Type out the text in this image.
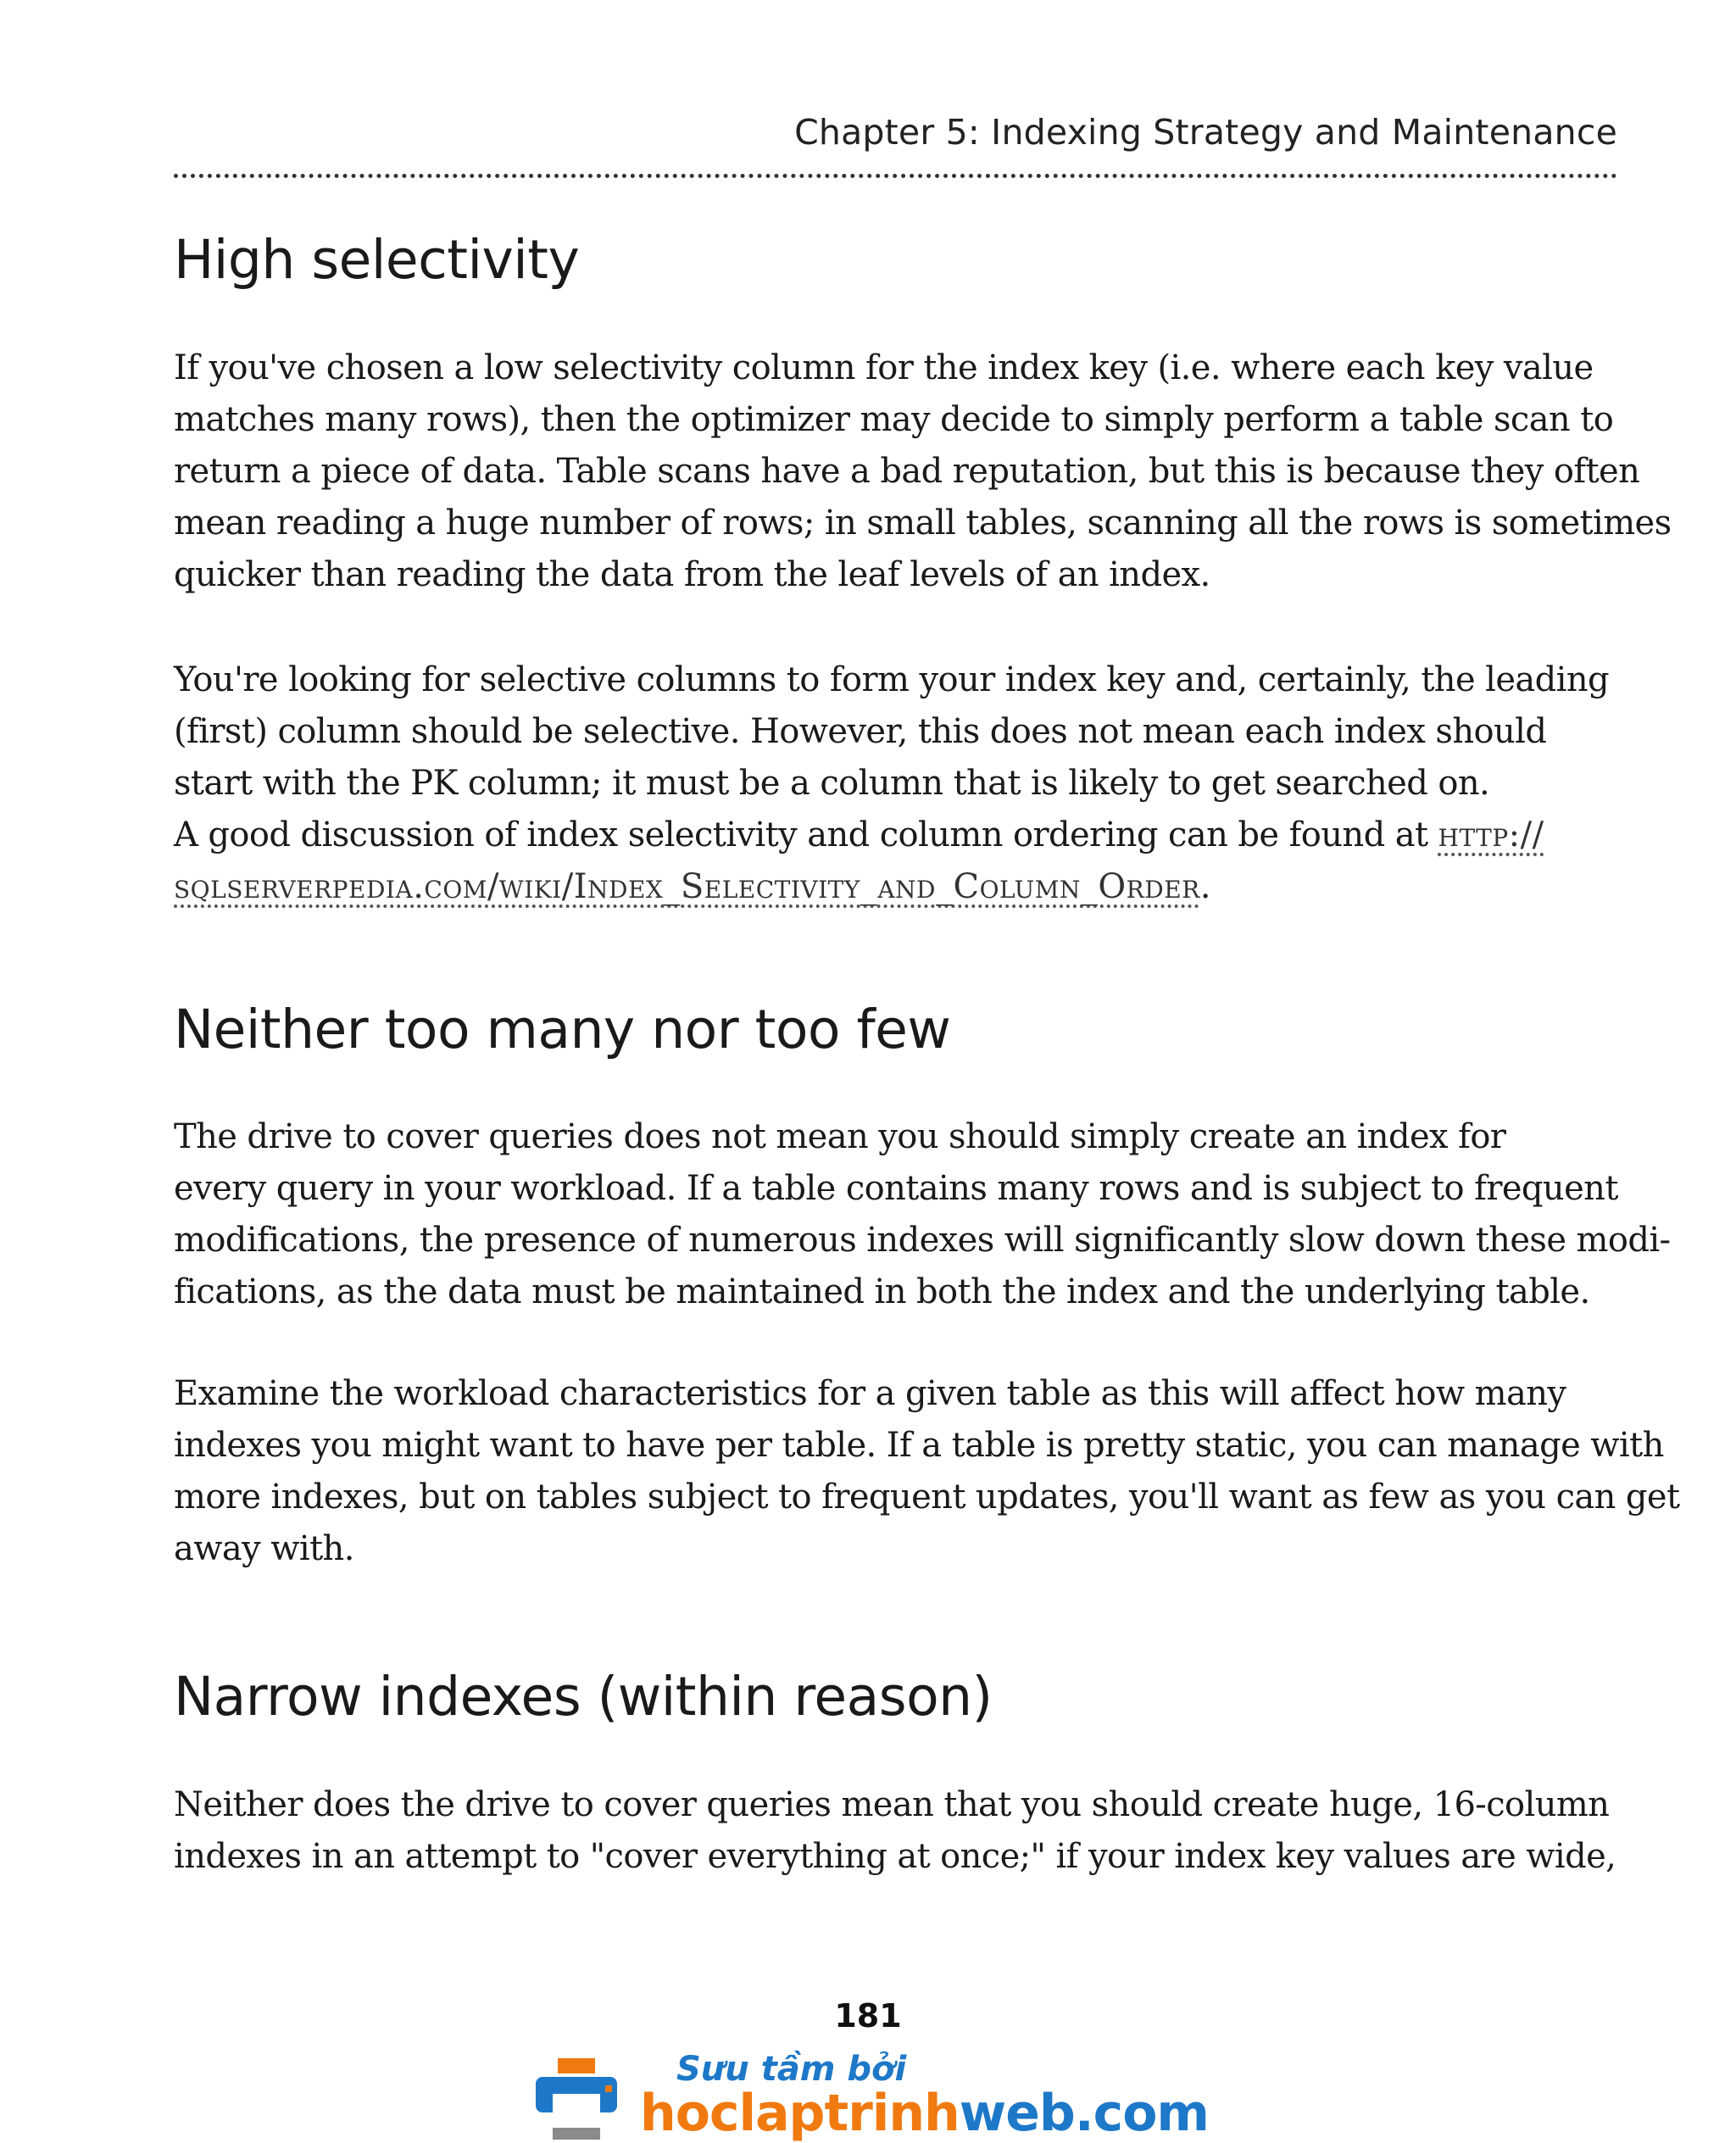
Chapter 5: Indexing Strategy and Maintenance
High selectivity

If you've chosen a low selectivity column for the index key (i.e. where each key value
matches many rows), then the optimizer may decide to simply perform a table scan to
return a piece of data. Table scans have a bad reputation, but this is because they often
mean reading a huge number of rows; in small tables, scanning all the rows is sometimes
quicker than reading the data from the leaf levels of an index.

You're looking for selective columns to form your index key and, certainly, the leading
(first) column should be selective. However, this does not mean each index should
start with the PK column; it must be a column that is likely to get searched on.
A good discussion of index selectivity and column ordering can be found at http://
sqlserverpedia.com/wiki/Index_Selectivity_and_Column_Order.

Neither too many nor too few

The drive to cover queries does not mean you should simply create an index for
every query in your workload. If a table contains many rows and is subject to frequent
modifications, the presence of numerous indexes will significantly slow down these modi-
fications, as the data must be maintained in both the index and the underlying table.

Examine the workload characteristics for a given table as this will affect how many
indexes you might want to have per table. If a table is pretty static, you can manage with
more indexes, but on tables subject to frequent updates, you'll want as few as you can get
away with.

Narrow indexes (within reason)

Neither does the drive to cover queries mean that you should create huge, 16-column
indexes in an attempt to "cover everything at once;" if your index key values are wide,

181
Sưu tầm bởi
hoclaptrinhweb.com
